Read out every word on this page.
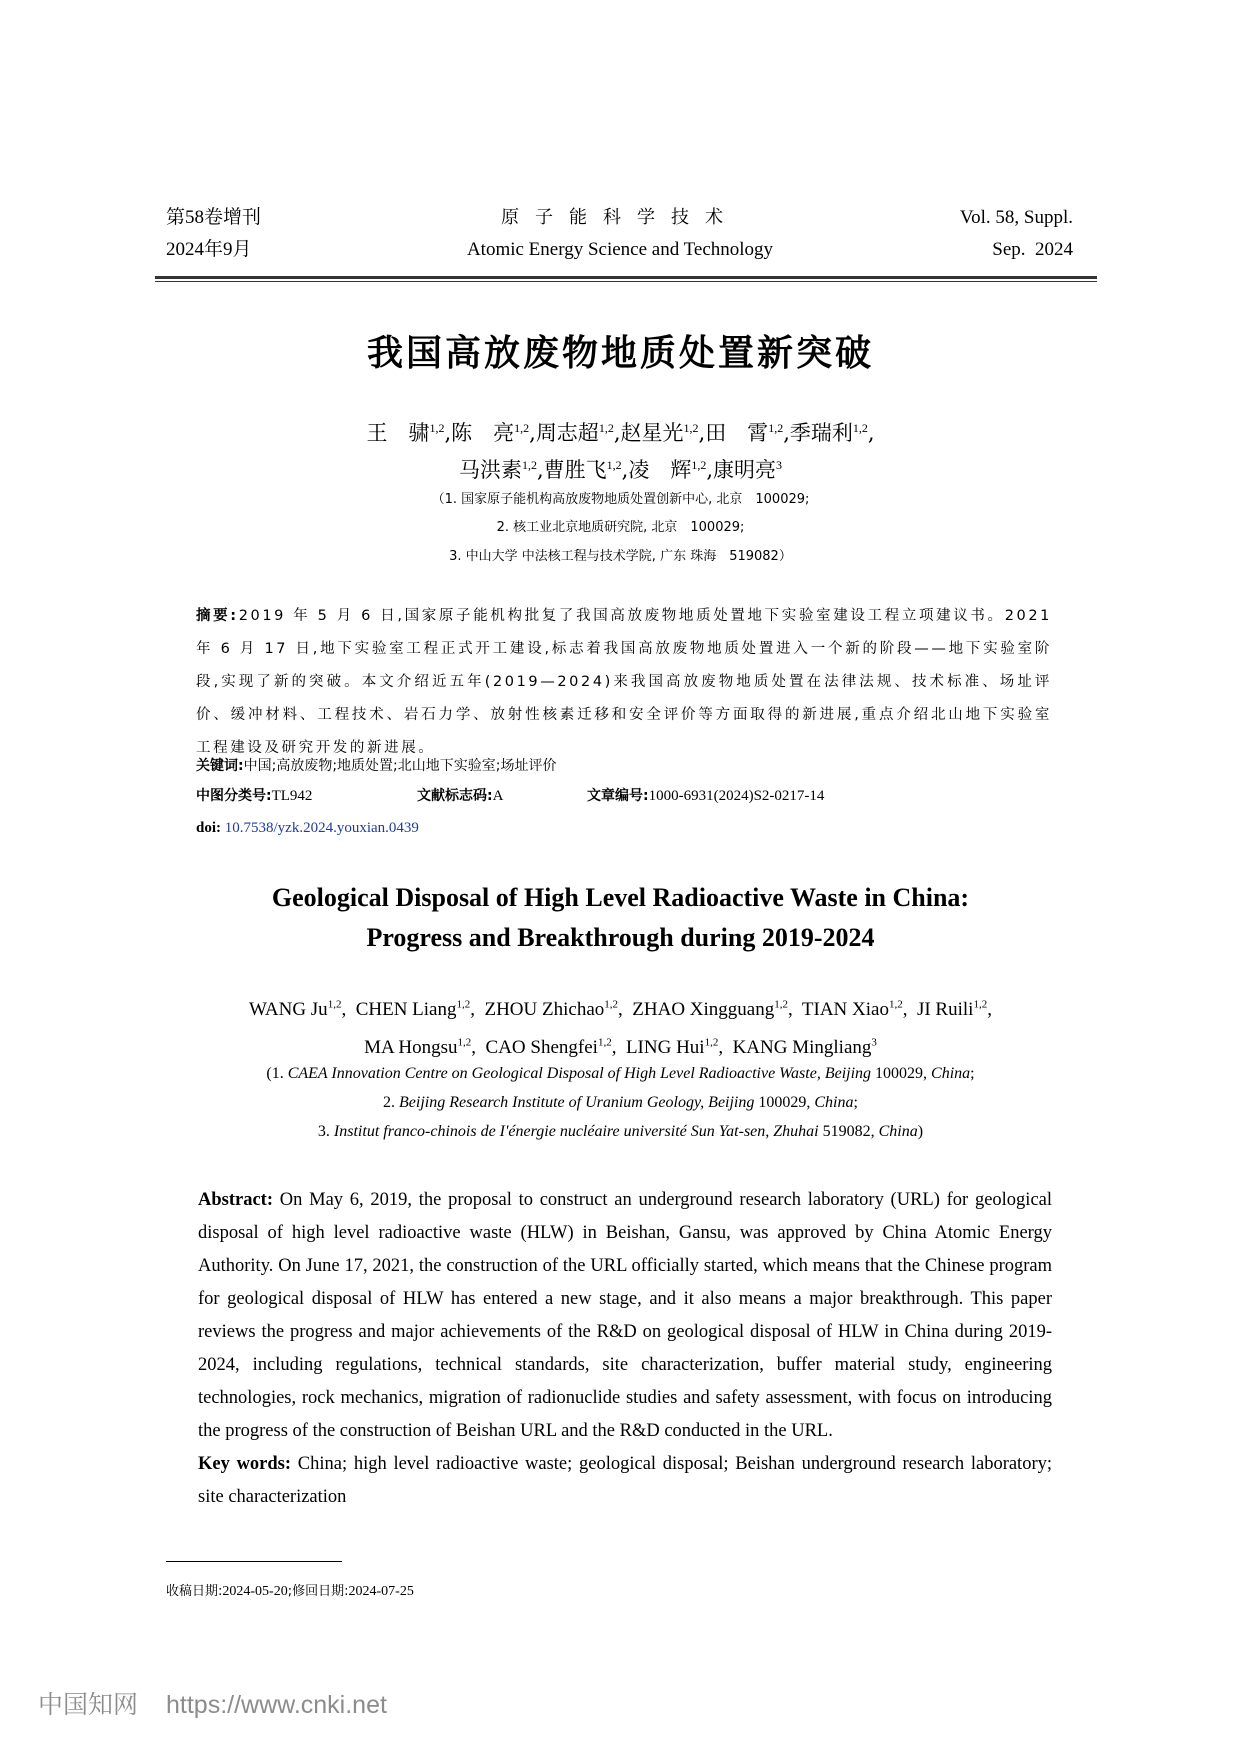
第58卷增刊
2024年9月
原子能科学技术
Atomic Energy Science and Technology
Vol. 58, Suppl.
Sep.  2024
我国高放废物地质处置新突破
王　骕$^{1,2}$,陈　亮$^{1,2}$,周志超$^{1,2}$,赵星光$^{1,2}$,田　霄$^{1,2}$,季瑞利$^{1,2}$,
马洪素$^{1,2}$,曹胜飞$^{1,2}$,凌　辉$^{1,2}$,康明亮$^3$
（1. 国家原子能机构高放废物地质处置创新中心, 北京　100029;
2. 核工业北京地质研究院, 北京　100029;
3. 中山大学 中法核工程与技术学院, 广东 珠海　519082）
摘要:2019 年 5 月 6 日,国家原子能机构批复了我国高放废物地质处置地下实验室建设工程立项建议书。2021 年 6 月 17 日,地下实验室工程正式开工建设,标志着我国高放废物地质处置进入一个新的阶段——地下实验室阶段,实现了新的突破。本文介绍近五年(2019—2024)来我国高放废物地质处置在法律法规、技术标准、场址评价、缓冲材料、工程技术、岩石力学、放射性核素迁移和安全评价等方面取得的新进展,重点介绍北山地下实验室工程建设及研究开发的新进展。
关键词:中国;高放废物;地质处置;北山地下实验室;场址评价
中图分类号:TL942	文献标志码:A	文章编号:1000-6931(2024)S2-0217-14
doi: 10.7538/yzk.2024.youxian.0439
Geological Disposal of High Level Radioactive Waste in China:
Progress and Breakthrough during 2019-2024
WANG Ju$^{1,2}$,  CHEN Liang$^{1,2}$,  ZHOU Zhichao$^{1,2}$,  ZHAO Xingguang$^{1,2}$,  TIAN Xiao$^{1,2}$,  JI Ruili$^{1,2}$,
MA Hongsu$^{1,2}$,  CAO Shengfei$^{1,2}$,  LING Hui$^{1,2}$,  KANG Mingliang$^3$
(1. CAEA Innovation Centre on Geological Disposal of High Level Radioactive Waste, Beijing 100029, China;
2. Beijing Research Institute of Uranium Geology, Beijing 100029, China;
3. Institut franco-chinois de I'énergie nucléaire université Sun Yat-sen, Zhuhai 519082, China)
Abstract: On May 6, 2019, the proposal to construct an underground research laboratory (URL) for geological disposal of high level radioactive waste (HLW) in Beishan, Gansu, was approved by China Atomic Energy Authority. On June 17, 2021, the construction of the URL officially started, which means that the Chinese program for geological disposal of HLW has entered a new stage, and it also means a major breakthrough. This paper reviews the progress and major achievements of the R&D on geological disposal of HLW in China during 2019-2024, including regulations, technical standards, site characterization, buffer material study, engineering technologies, rock mechanics, migration of radionuclide studies and safety assessment, with focus on introducing the progress of the construction of Beishan URL and the R&D conducted in the URL.
Key words: China; high level radioactive waste; geological disposal; Beishan underground research laboratory; site characterization
收稿日期:2024-05-20;修回日期:2024-07-25
中国知网 https://www.cnki.net
